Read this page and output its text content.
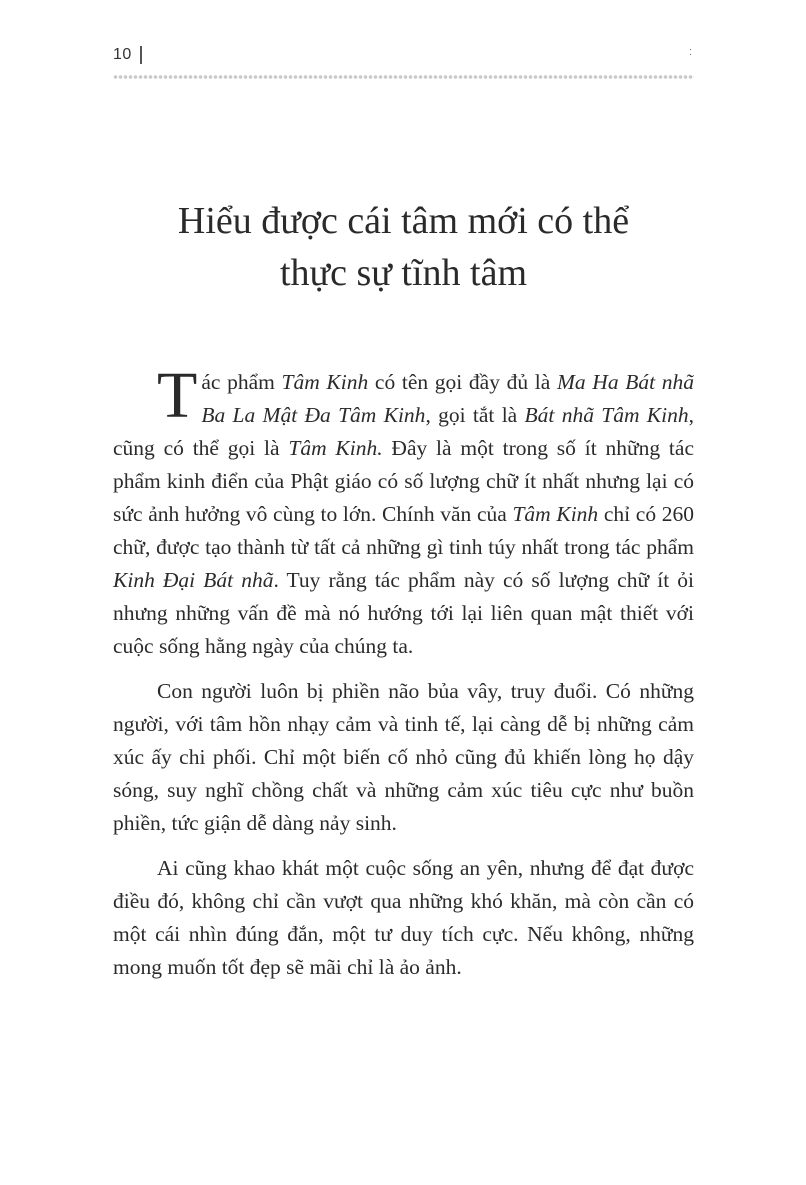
10	:
Hiểu được cái tâm mới có thể
thực sự tĩnh tâm

Tác phẩm Tâm Kinh có tên gọi đầy đủ là Ma Ha Bát nhã Ba La Mật Đa Tâm Kinh, gọi tắt là Bát nhã Tâm Kinh, cũng có thể gọi là Tâm Kinh. Đây là một trong số ít những tác phẩm kinh điển của Phật giáo có số lượng chữ ít nhất nhưng lại có sức ảnh hưởng vô cùng to lớn. Chính văn của Tâm Kinh chỉ có 260 chữ, được tạo thành từ tất cả những gì tinh túy nhất trong tác phẩm Kinh Đại Bát nhã. Tuy rằng tác phẩm này có số lượng chữ ít ỏi nhưng những vấn đề mà nó hướng tới lại liên quan mật thiết với cuộc sống hằng ngày của chúng ta.

Con người luôn bị phiền não bủa vây, truy đuổi. Có những người, với tâm hồn nhạy cảm và tinh tế, lại càng dễ bị những cảm xúc ấy chi phối. Chỉ một biến cố nhỏ cũng đủ khiến lòng họ dậy sóng, suy nghĩ chồng chất và những cảm xúc tiêu cực như buồn phiền, tức giận dễ dàng nảy sinh.

Ai cũng khao khát một cuộc sống an yên, nhưng để đạt được điều đó, không chỉ cần vượt qua những khó khăn, mà còn cần có một cái nhìn đúng đắn, một tư duy tích cực. Nếu không, những mong muốn tốt đẹp sẽ mãi chỉ là ảo ảnh.
